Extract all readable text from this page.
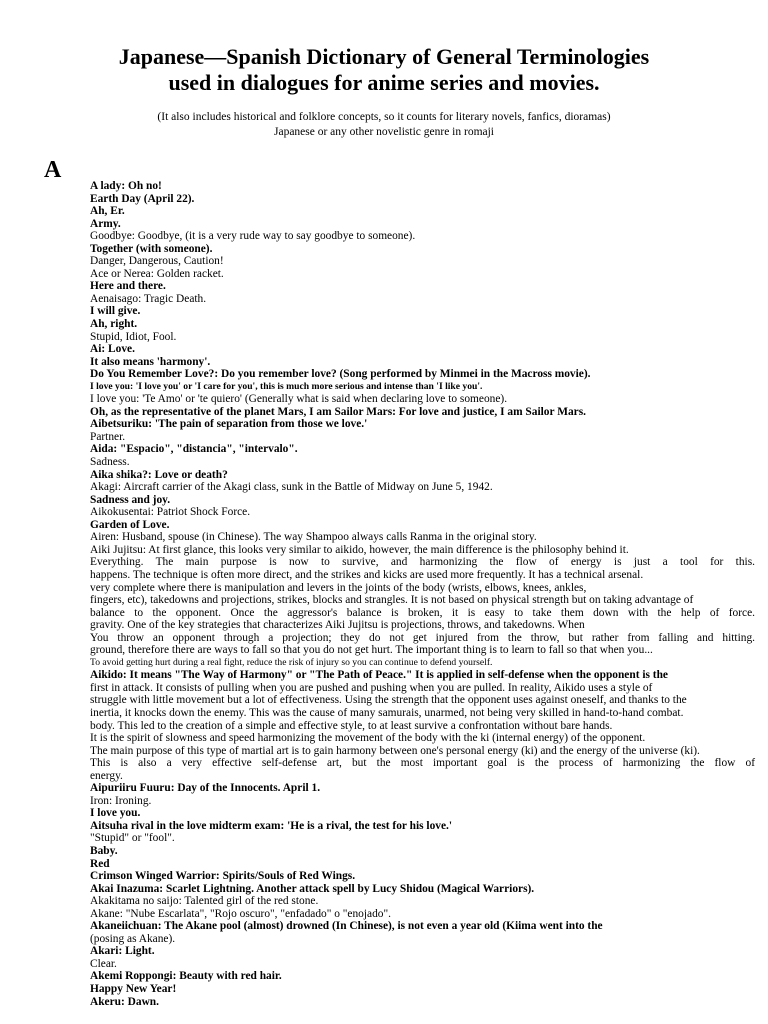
Japanese—Spanish Dictionary of General Terminologies
used in dialogues for anime series and movies.
(It also includes historical and folklore concepts, so it counts for literary novels, fanfics, dioramas)
Japanese or any other novelistic genre in romaji
A
A lady: Oh no!
Earth Day (April 22).
Ah, Er.
Army.
Goodbye: Goodbye, (it is a very rude way to say goodbye to someone).
Together (with someone).
Danger, Dangerous, Caution!
Ace or Nerea: Golden racket.
Here and there.
Aenaisago: Tragic Death.
I will give.
Ah, right.
Stupid, Idiot, Fool.
Ai: Love.
It also means 'harmony'.
Do You Remember Love?: Do you remember love? (Song performed by Minmei in the Macross movie).
I love you: 'I love you' or 'I care for you', this is much more serious and intense than 'I like you'.
I love you: 'Te Amo' or 'te quiero' (Generally what is said when declaring love to someone).
Oh, as the representative of the planet Mars, I am Sailor Mars: For love and justice, I am Sailor Mars.
Aibetsuriku: 'The pain of separation from those we love.'
Partner.
Aida: "Espacio", "distancia", "intervalo".
Sadness.
Aika shika?: Love or death?
Akagi: Aircraft carrier of the Akagi class, sunk in the Battle of Midway on June 5, 1942.
Sadness and joy.
Aikokusentai: Patriot Shock Force.
Garden of Love.
Airen: Husband, spouse (in Chinese). The way Shampoo always calls Ranma in the original story.
Aiki Jujitsu: At first glance, this looks very similar to aikido, however, the main difference is the philosophy behind it.
Everything. The main purpose is now to survive, and harmonizing the flow of energy is just a tool for this.
happens. The technique is often more direct, and the strikes and kicks are used more frequently. It has a technical arsenal.
very complete where there is manipulation and levers in the joints of the body (wrists, elbows, knees, ankles,
fingers, etc), takedowns and projections, strikes, blocks and strangles. It is not based on physical strength but on taking advantage of
balance to the opponent. Once the aggressor's balance is broken, it is easy to take them down with the help of force.
gravity. One of the key strategies that characterizes Aiki Jujitsu is projections, throws, and takedowns. When
You throw an opponent through a projection; they do not get injured from the throw, but rather from falling and hitting.
ground, therefore there are ways to fall so that you do not get hurt. The important thing is to learn to fall so that when you...
To avoid getting hurt during a real fight, reduce the risk of injury so you can continue to defend yourself.
Aikido: It means "The Way of Harmony" or "The Path of Peace." It is applied in self-defense when the opponent is the
first in attack. It consists of pulling when you are pushed and pushing when you are pulled. In reality, Aikido uses a style of
struggle with little movement but a lot of effectiveness. Using the strength that the opponent uses against oneself, and thanks to the
inertia, it knocks down the enemy. This was the cause of many samurais, unarmed, not being very skilled in hand-to-hand combat.
body. This led to the creation of a simple and effective style, to at least survive a confrontation without bare hands.
It is the spirit of slowness and speed harmonizing the movement of the body with the ki (internal energy) of the opponent.
The main purpose of this type of martial art is to gain harmony between one's personal energy (ki) and the energy of the universe (ki).
This is also a very effective self-defense art, but the most important goal is the process of harmonizing the flow of
energy.
Aipuriiru Fuuru: Day of the Innocents. April 1.
Iron: Ironing.
I love you.
Aitsuha rival in the love midterm exam: 'He is a rival, the test for his love.'
"Stupid" or "fool".
Baby.
Red
Crimson Winged Warrior: Spirits/Souls of Red Wings.
Akai Inazuma: Scarlet Lightning. Another attack spell by Lucy Shidou (Magical Warriors).
Akakitama no saijo: Talented girl of the red stone.
Akane: "Nube Escarlata", "Rojo oscuro", "enfadado" o "enojado".
Akaneiichuan: The Akane pool (almost) drowned (In Chinese), is not even a year old (Kiima went into the
(posing as Akane).
Akari: Light.
Clear.
Akemi Roppongi: Beauty with red hair.
Happy New Year!
Akeru: Dawn.
